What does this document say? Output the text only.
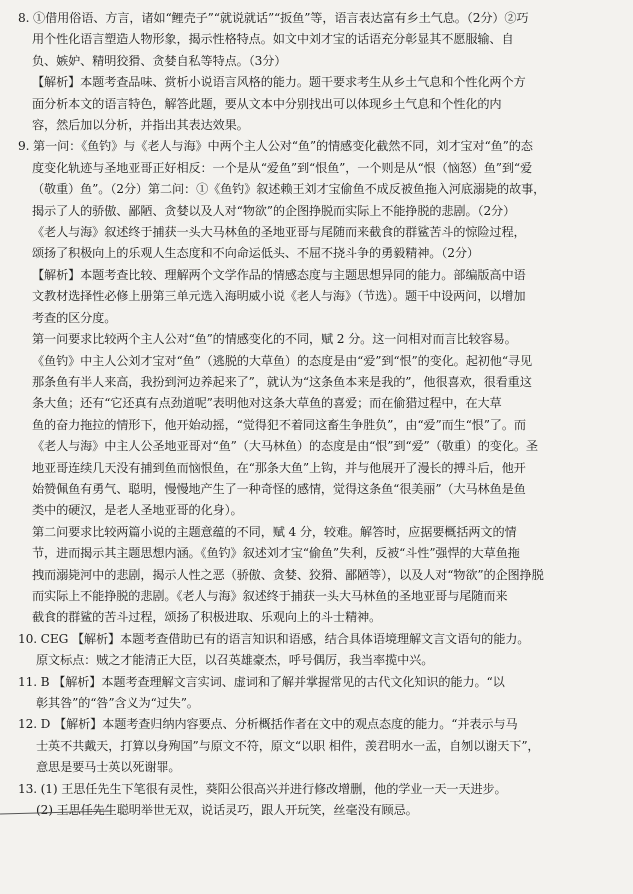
8. ①借用俗语、方言，诸如“鲤壳子”“就说就话”“扳鱼”等，语言表达富有乡土气息。（2分）②巧

用个性化语言塑造人物形象，揭示性格特点。如文中刘才宝的话语充分彰显其不愿服输、自

负、嫉妒、精明狡猾、贪婪自私等特点。（3分）

【解析】本题考查品味、赏析小说语言风格的能力。题干要求考生从乡土气息和个性化两个方

面分析本文的语言特色，解答此题，要从文本中分别找出可以体现乡土气息和个性化的内

容，然后加以分析，并指出其表达效果。

9. 第一问：《鱼钓》与《老人与海》中两个主人公对“鱼”的情感变化截然不同，刘才宝对“鱼”的态

度变化轨迹与圣地亚哥正好相反：一个是从“爱鱼”到“恨鱼”，一个则是从“恨（恼怒）鱼”到“爱

（敬重）鱼”。（2分）第二问：①《鱼钓》叙述赖王刘才宝偷鱼不成反被鱼拖入河底溺毙的故事，

揭示了人的骄傲、鄙陋、贪婪以及人对“物欲”的企图挣脱而实际上不能挣脱的悲剧。（2分）

《老人与海》叙述终于捕获一头大马林鱼的圣地亚哥与尾随而来截食的群鲨苦斗的惊险过程，

颂扬了积极向上的乐观人生态度和不向命运低头、不屈不挠斗争的勇毅精神。（2分）

【解析】本题考查比较、理解两个文学作品的情感态度与主题思想异同的能力。部编版高中语

文教材选择性必修上册第三单元选入海明威小说《老人与海》（节选）。题干中设两问，以增加

考查的区分度。

第一问要求比较两个主人公对“鱼”的情感变化的不同，赋 2 分。这一问相对而言比较容易。

《鱼钓》中主人公刘才宝对“鱼”（逃脱的大草鱼）的态度是由“爱”到“恨”的变化。起初他“寻见

那条鱼有半人来高，我扮到河边养起来了”，就认为“这条鱼本来是我的”，他很喜欢，很看重这

条大鱼；还有“它还真有点劲道呢”表明他对这条大草鱼的喜爱；而在偷猎过程中，在大草

鱼的奋力拖拉的情形下，他开始动摇，“觉得犯不着同这畜生争胜负”，由“爱”而生“恨”了。而

《老人与海》中主人公圣地亚哥对“鱼”（大马林鱼）的态度是由“恨”到“爱”（敬重）的变化。圣

地亚哥连续几天没有捕到鱼而恼恨鱼，在“那条大鱼”上钩，并与他展开了漫长的搏斗后，他开

始赞佩鱼有勇气、聪明，慢慢地产生了一种奇怪的感情，觉得这条鱼“很美丽”（大马林鱼是鱼

类中的硬汉，是老人圣地亚哥的化身）。

第二问要求比较两篇小说的主题意蕴的不同，赋 4 分，较难。解答时，应据要概括两文的情

节，进而揭示其主题思想内涵。《鱼钓》叙述刘才宝“偷鱼”失利，反被“斗性”强悍的大草鱼拖

拽而溺毙河中的悲剧，揭示人性之恶（骄傲、贪婪、狡猾、鄙陋等），以及人对“物欲”的企图挣脱

而实际上不能挣脱的悲剧。《老人与海》叙述终于捕获一头大马林鱼的圣地亚哥与尾随而来

截食的群鲨的苦斗过程，颂扬了积极进取、乐观向上的斗士精神。

10. CEG 【解析】本题考查借助已有的语言知识和语感，结合具体语境理解文言文语句的能力。

原文标点：贼之才能清正大臣，以召英雄豪杰，呼号偶厉，我当率揽中兴。

11. B 【解析】本题考查理解文言实词、虚词和了解并掌握常见的古代文化知识的能力。“以

彰其咎”的“咎”含义为“过失”。

12. D 【解析】本题考查归纳内容要点、分析概括作者在文中的观点态度的能力。“并表示与马

士英不共戴天，打算以身殉国”与原文不符，原文“以职 相件，羡君明水一盂，自刎以谢天下”，

意思是要马士英以死谢罪。

13. (1) 王思任先生下笔很有灵性，葵阳公很高兴并进行修改增删，他的学业一天一天进步。

(2) 王思任先生聪明举世无双，说话灵巧，跟人开玩笑，丝毫没有顾忌。
